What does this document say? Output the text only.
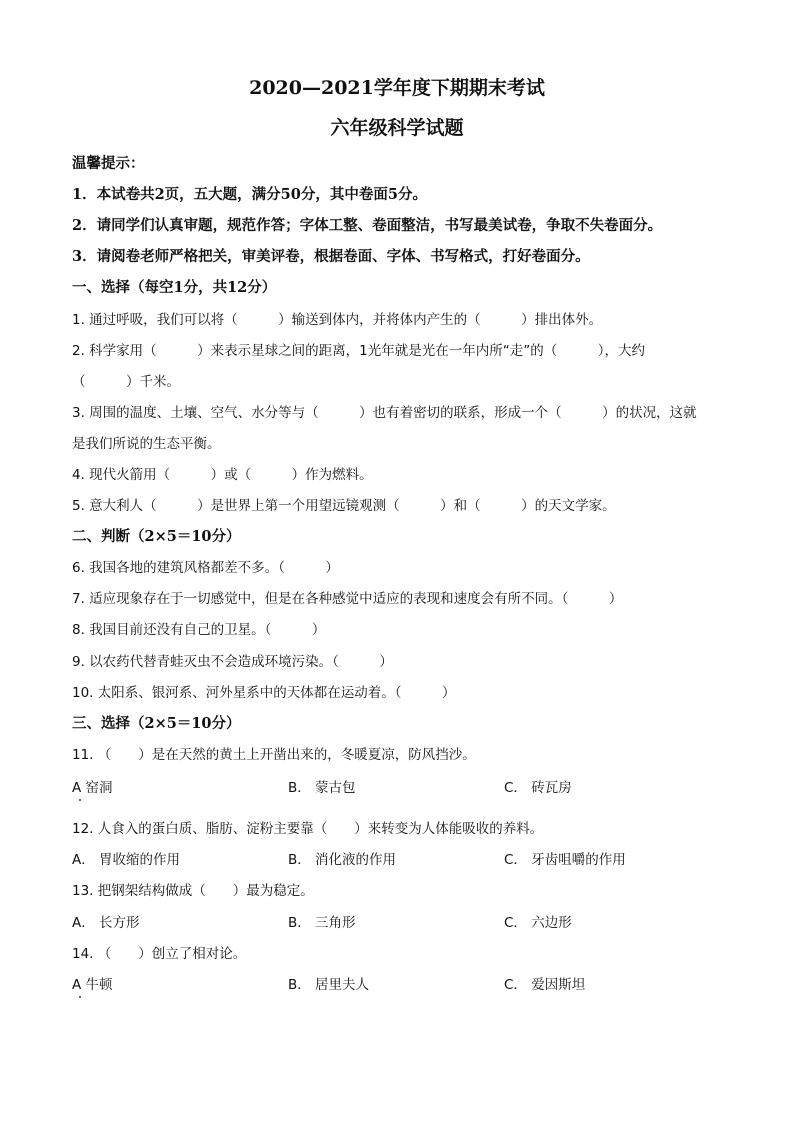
2020—2021学年度下期期末考试
六年级科学试题
温馨提示：
1．本试卷共2页，五大题，满分50分，其中卷面5分。
2．请同学们认真审题，规范作答；字体工整、卷面整洁，书写最美试卷，争取不失卷面分。
3．请阅卷老师严格把关，审美评卷，根据卷面、字体、书写格式，打好卷面分。
一、选择（每空1分，共12分）
1. 通过呼吸，我们可以将（　　　）输送到体内，并将体内产生的（　　　）排出体外。
2. 科学家用（　　　）来表示星球之间的距离，1光年就是光在一年内所“走”的（　　　），大约
（　　　）千米。
3. 周围的温度、土壤、空气、水分等与（　　　）也有着密切的联系，形成一个（　　　）的状况，这就
是我们所说的生态平衡。
4. 现代火箭用（　　　）或（　　　）作为燃料。
5. 意大利人（　　　）是世界上第一个用望远镜观测（　　　）和（　　　）的天文学家。
二、判断（2×5＝10分）
6. 我国各地的建筑风格都差不多。（　　　）
7. 适应现象存在于一切感觉中，但是在各种感觉中适应的表现和速度会有所不同。（　　　）
8. 我国目前还没有自己的卫星。（　　　）
9. 以农药代替青蛙灭虫不会造成环境污染。（　　　）
10. 太阳系、银河系、河外星系中的天体都在运动着。（　　　）
三、选择（2×5＝10分）
11. （　　）是在天然的黄土上开凿出来的，冬暖夏凉，防风挡沙。
A 窑洞	B． 蒙古包	C． 砖瓦房
12. 人食入的蛋白质、脂肪、淀粉主要靠（　　）来转变为人体能吸收的养料。
A． 胃收缩的作用	B． 消化液的作用	C． 牙齿咀嚼的作用
13. 把钢架结构做成（　　）最为稳定。
A． 长方形	B． 三角形	C． 六边形
14. （　　）创立了相对论。
A 牛顿	B． 居里夫人	C． 爱因斯坦
